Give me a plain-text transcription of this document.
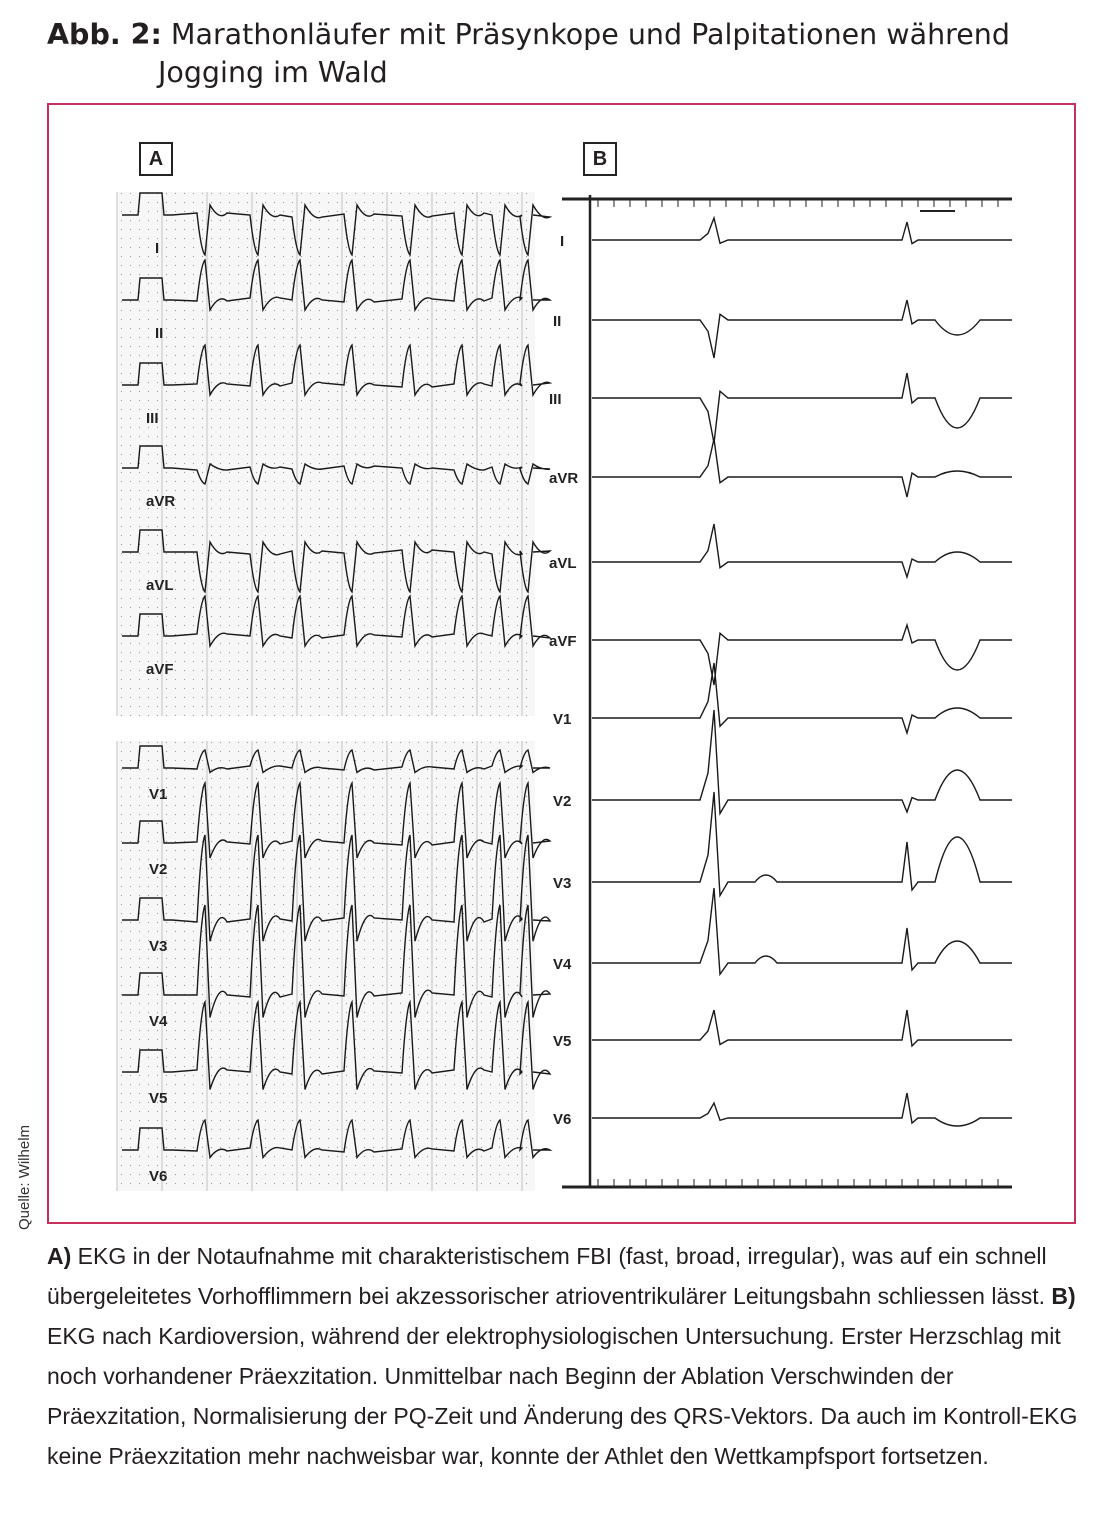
Abb. 2: Marathonläufer mit Präsynkope und Palpitationen während
Jogging im Wald
I
II
III
aVR
aVL
aVF
V1
V2
V3
V4
V5
V6
I
II
III
aVR
aVL
aVF
V1
V2
V3
V4
V5
V6
A	B
Quelle: Wilhelm
A) EKG in der Notaufnahme mit charakteristischem FBI (fast, broad, irregular), was auf ein schnell übergeleitetes Vorhofflimmern bei akzessorischer atrioventrikulärer Leitungsbahn schliessen lässt. B) EKG nach Kardioversion, während der elektrophysiologischen Untersuchung. Erster Herzschlag mit noch vorhandener Präexzitation. Unmittelbar nach Beginn der Ablation Verschwinden der Präexzitation, Normalisierung der PQ-Zeit und Änderung des QRS-Vektors. Da auch im Kontroll-EKG keine Präexzitation mehr nachweisbar war, konnte der Athlet den Wettkampfsport fortsetzen.
